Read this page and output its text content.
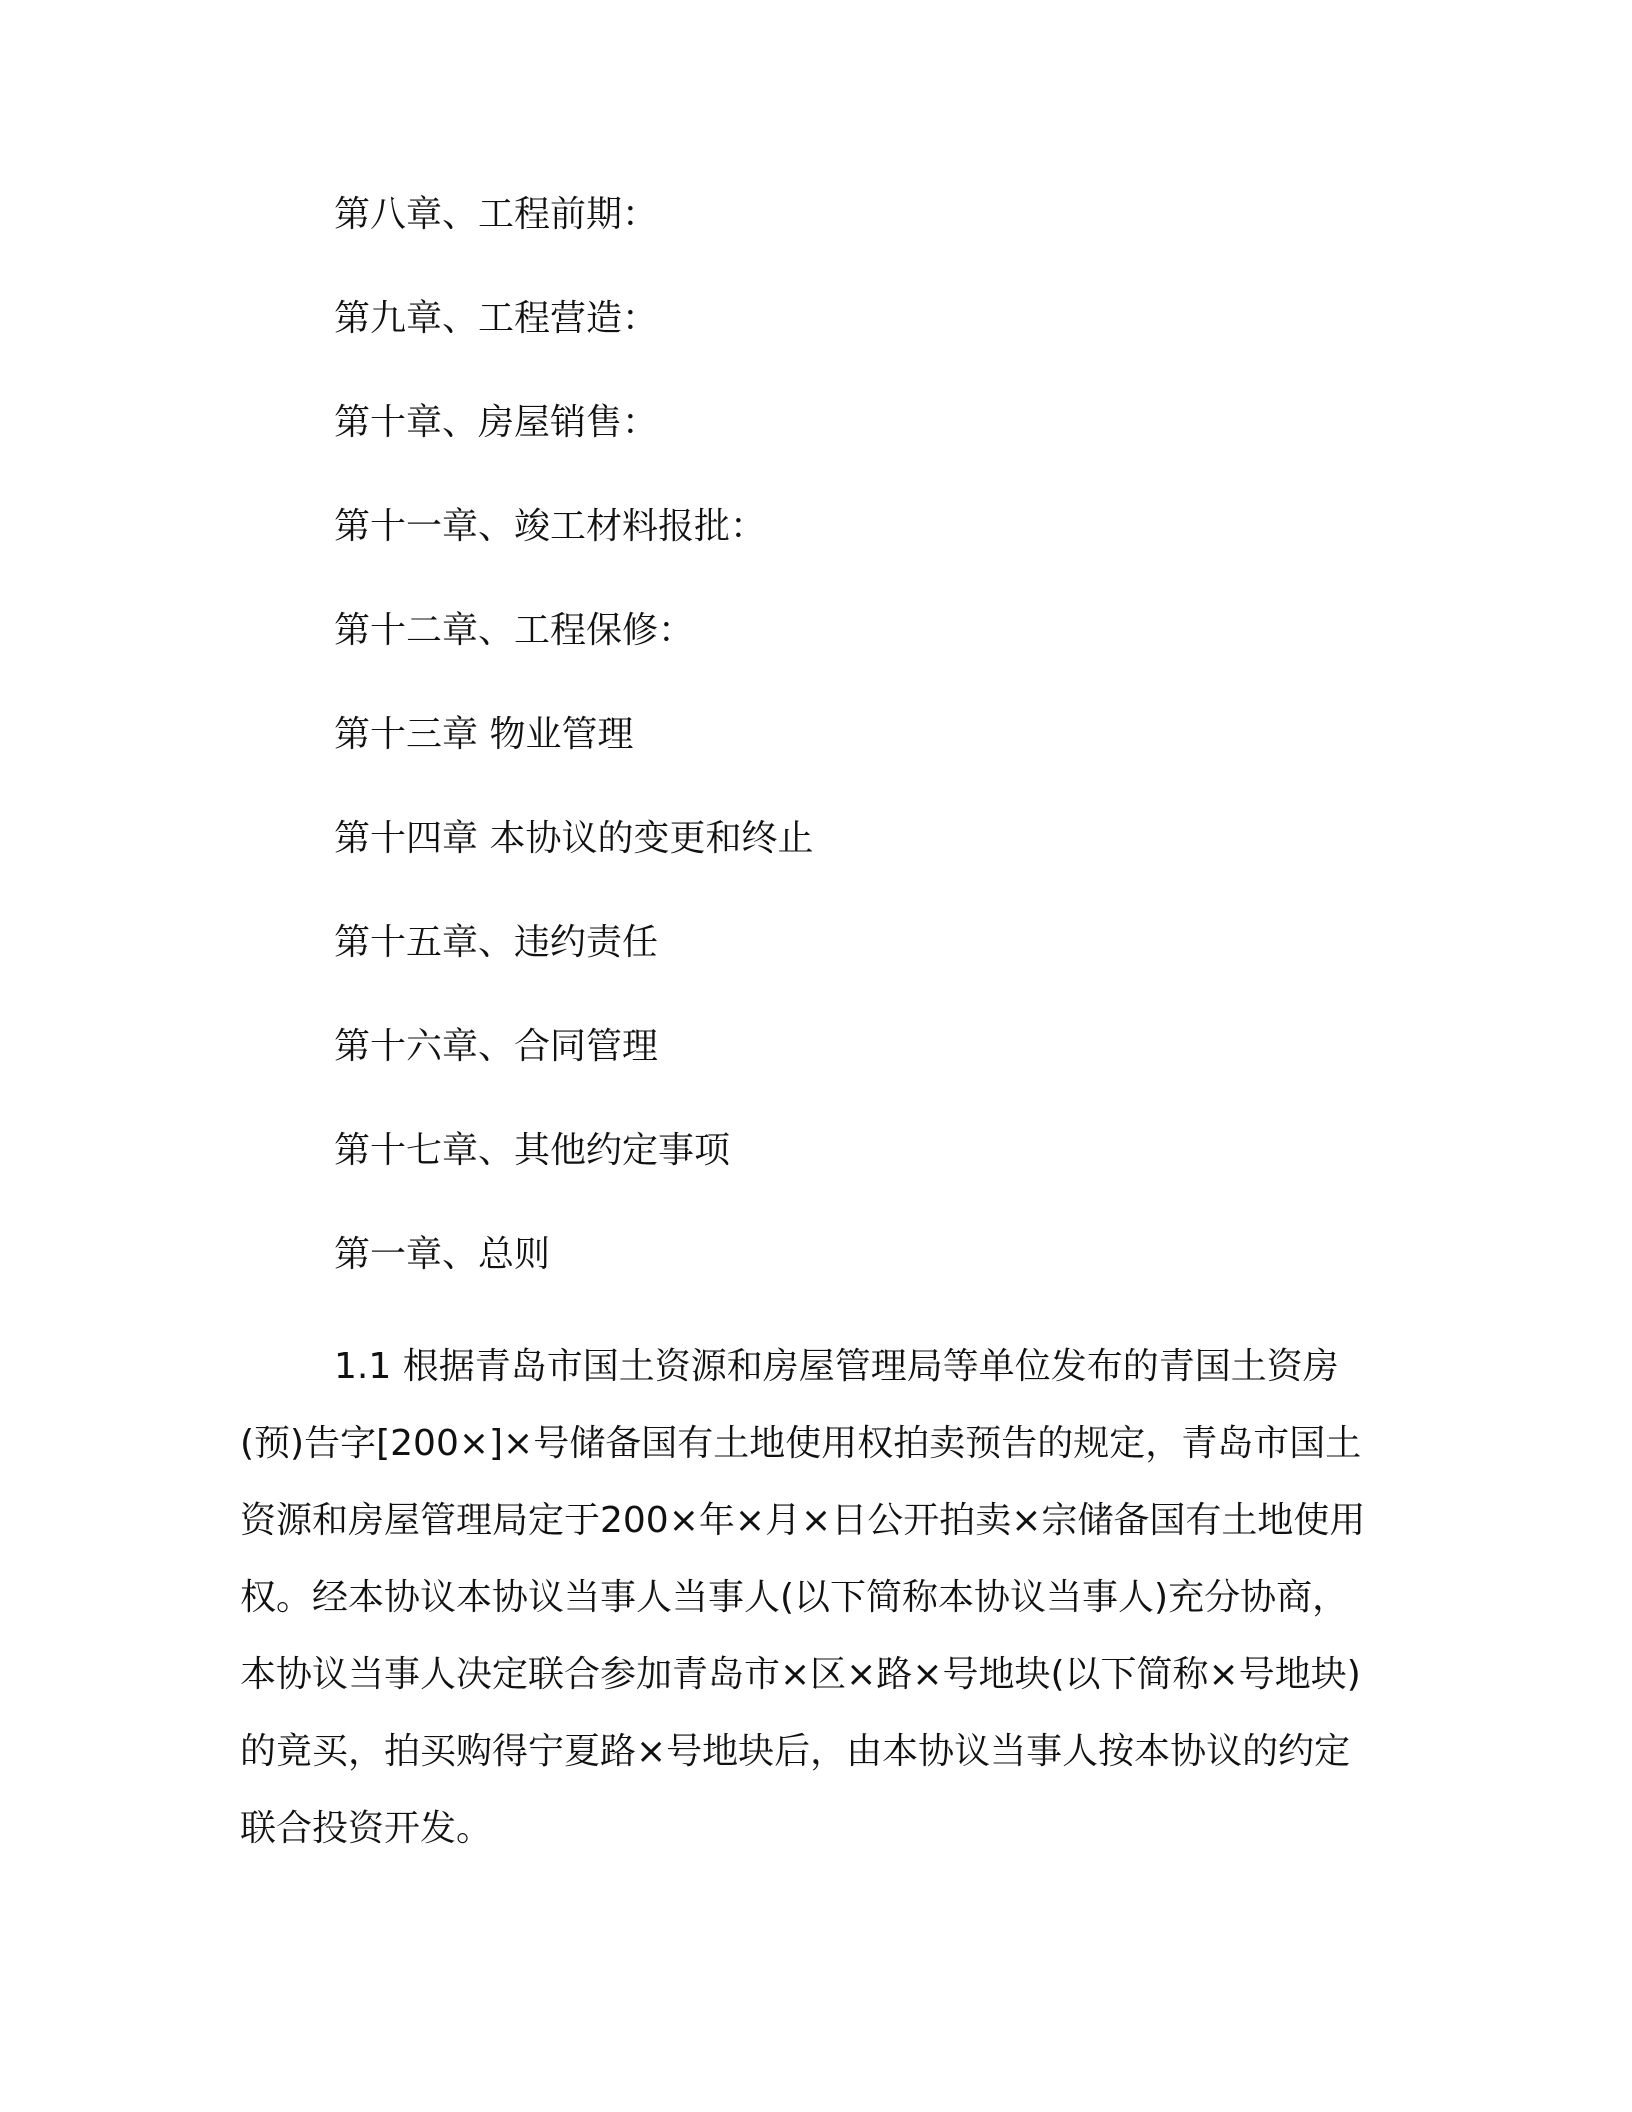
第八章、工程前期：
第九章、工程营造：
第十章、房屋销售：
第十一章、竣工材料报批：
第十二章、工程保修：
第十三章 物业管理
第十四章 本协议的变更和终止
第十五章、违约责任
第十六章、合同管理
第十七章、其他约定事项
第一章、总则

1.1 根据青岛市国土资源和房屋管理局等单位发布的青国土资房(预)告字[200×]×号储备国有土地使用权拍卖预告的规定，青岛市国土资源和房屋管理局定于200×年×月×日公开拍卖×宗储备国有土地使用权。经本协议本协议当事人当事人(以下简称本协议当事人)充分协商，本协议当事人决定联合参加青岛市×区×路×号地块(以下简称×号地块)的竟买，拍买购得宁夏路×号地块后，由本协议当事人按本协议的约定联合投资开发。
